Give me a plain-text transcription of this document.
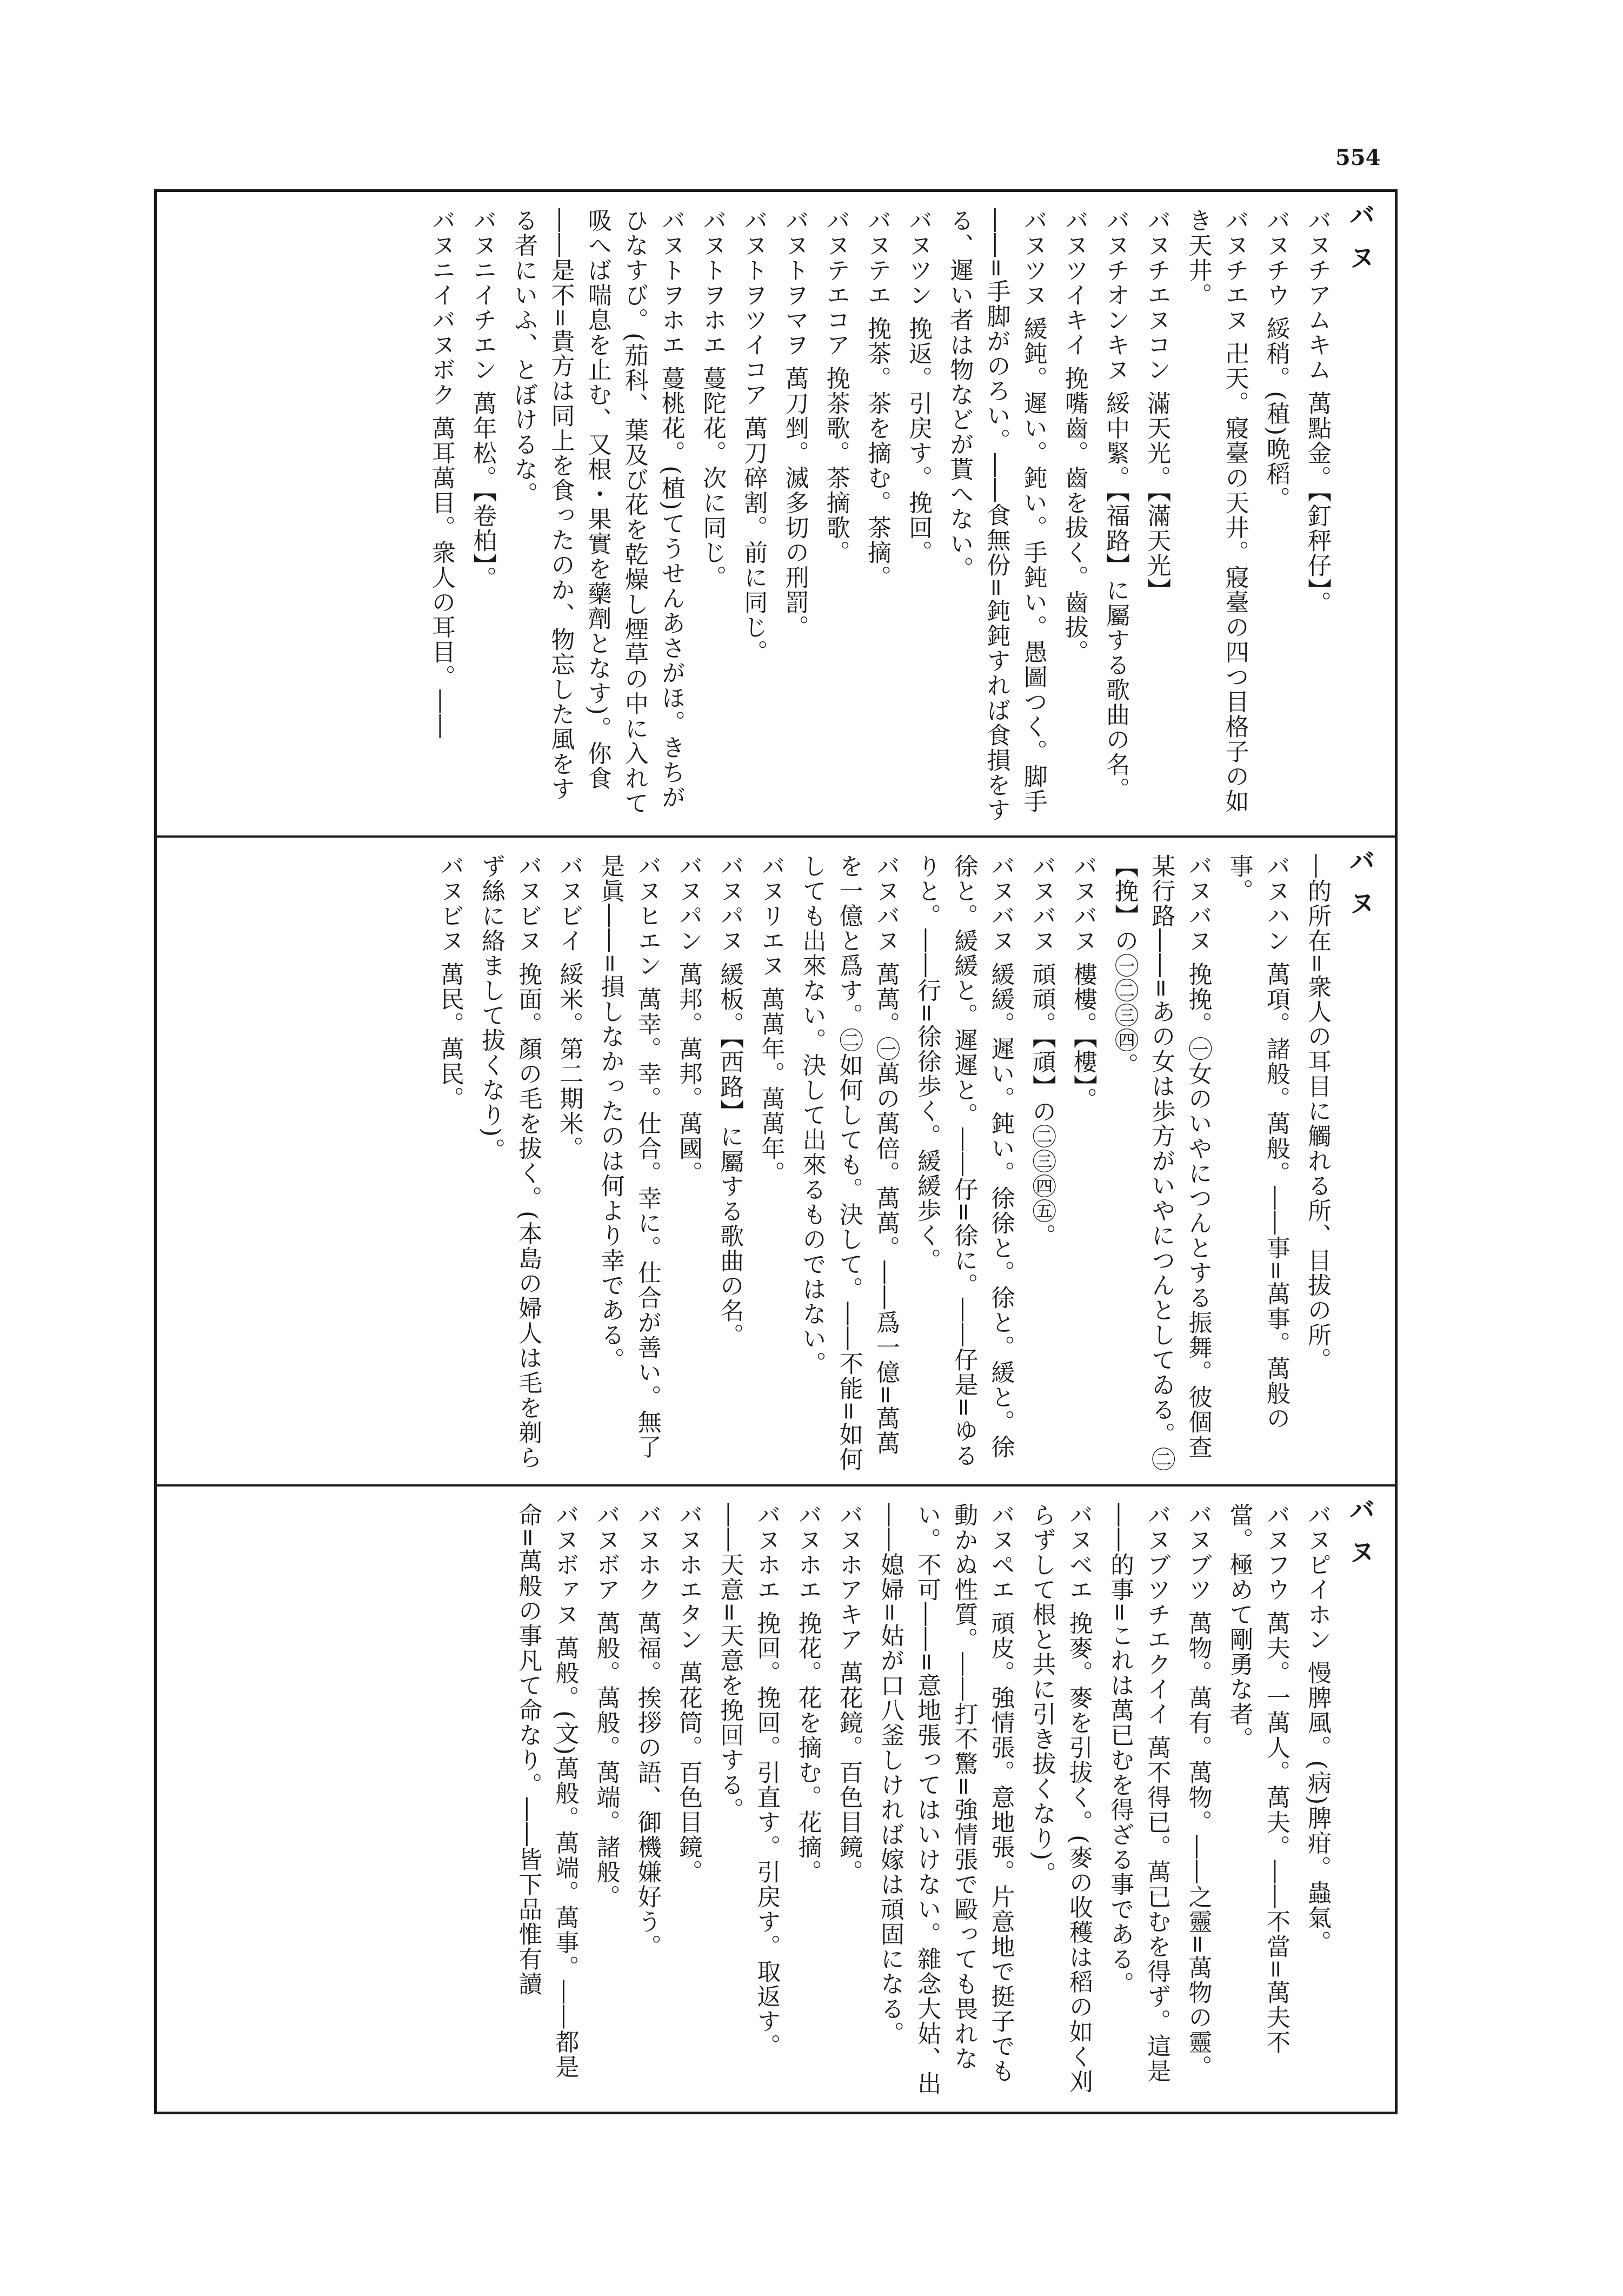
554
バヌ
バヌチアムキム 萬點金。【釘秤仔】。
バヌチウ 綏稍。(稙)晩稻。
バヌチエヌ 卍天。寢臺の天井。寢臺の四つ目格子の如き天井。
バヌチエヌコン 滿天光。【滿天光】
バヌチオンキヌ 綏中緊。【福路】に屬する歌曲の名。
バヌツイキイ 挽嘴齒。齒を拔く。齒拔。
バヌツヌ 緩鈍。遲い。鈍い。手鈍い。愚圖つく。脚手――=手脚がのろい。――食無份=鈍鈍すれば食損をする、遲い者は物などが貰へない。
バヌツン 挽返。引戻す。挽回。
バヌテエ 挽茶。茶を摘む。茶摘。
バヌテエコア 挽茶歌。茶摘歌。
バヌトヲマヲ 萬刀剉。滅多切の刑罰。
バヌトヲツイコア 萬刀碎割。前に同じ。
バヌトヲホエ 蔓陀花。次に同じ。
バヌトヲホエ 蔓桃花。(植)てうせんあさがほ。きちがひなすび。(茄科、葉及び花を乾燥し煙草の中に入れて吸へば喘息を止む、又根・果實を藥劑となす)。你食――是不=貴方は同上を食ったのか、物忘した風をする者にいふ、とぼけるな。
バヌニイチエン 萬年松。【卷柏】。
バヌニイバヌボク 萬耳萬目。衆人の耳目。――
バヌ
―的所在=衆人の耳目に觸れる所、目拔の所。
バヌハン 萬項。諸般。萬般。――事=萬事。萬般の事。
バヌバヌ 挽挽。㊀女のいやにつんとする振舞。彼個查某行路――=あの女は歩方がいやにつんとしてゐる。㊁【挽】の㊀㊁㊂㊃。
バヌバヌ 樓樓。【樓】。
バヌバヌ 頑頑。【頑】の㊁㊂㊃㊄。
バヌバヌ 緩緩。遲い。鈍い。徐徐と。徐と。緩と。徐徐と。緩緩と。遲遲と。――仔=徐に。――仔是=ゆるりと。――行=徐徐歩く。緩緩歩く。
バヌバヌ 萬萬。㊀萬の萬倍。萬萬。――爲一億=萬萬を一億と爲す。㊁如何しても。決して。――不能=如何しても出來ない。決して出來るものではない。
バヌリエヌ 萬萬年。萬萬年。
バヌパヌ 緩板。【西路】に屬する歌曲の名。
バヌパン 萬邦。萬邦。萬國。
バヌヒエン 萬幸。幸。仕合。幸に。仕合が善い。無了是眞――=損しなかったのは何より幸である。
バヌビイ 綏米。第二期米。
バヌビヌ 挽面。顏の毛を拔く。(本島の婦人は毛を剃らず絲に絡まして拔くなり)。
バヌビヌ 萬民。萬民。
バヌ
バヌピイホン 慢脾風。(病)脾疳。蟲氣。
バヌフウ 萬夫。一萬人。萬夫。――不當=萬夫不當。極めて剛勇な者。
バヌブツ 萬物。萬有。萬物。――之靈=萬物の靈。
バヌブツチエクイイ 萬不得已。萬已むを得ず。這是――的事=これは萬已むを得ざる事である。
バヌベエ 挽麥。麥を引拔く。(麥の收穫は稻の如く刈らずして根と共に引き拔くなり)。
バヌペエ 頑皮。強情張。意地張。片意地で挺子でも動かぬ性質。――打不驚=強情張で毆っても畏れない。不可――=意地張ってはいけない。雜念大姑、出――媳婦=姑が口八釜しければ嫁は頑固になる。
バヌホアキア 萬花鏡。百色目鏡。
バヌホエ 挽花。花を摘む。花摘。
バヌホエ 挽回。挽回。引直す。引戻す。取返す。――天意=天意を挽回する。
バヌホエタン 萬花筒。百色目鏡。
バヌホク 萬福。挨拶の語、御機嫌好う。
バヌボア 萬般。萬般。萬端。諸般。
バヌボァヌ 萬般。(文)萬般。萬端。萬事。――都是命=萬般の事凡て命なり。――皆下品惟有讀
